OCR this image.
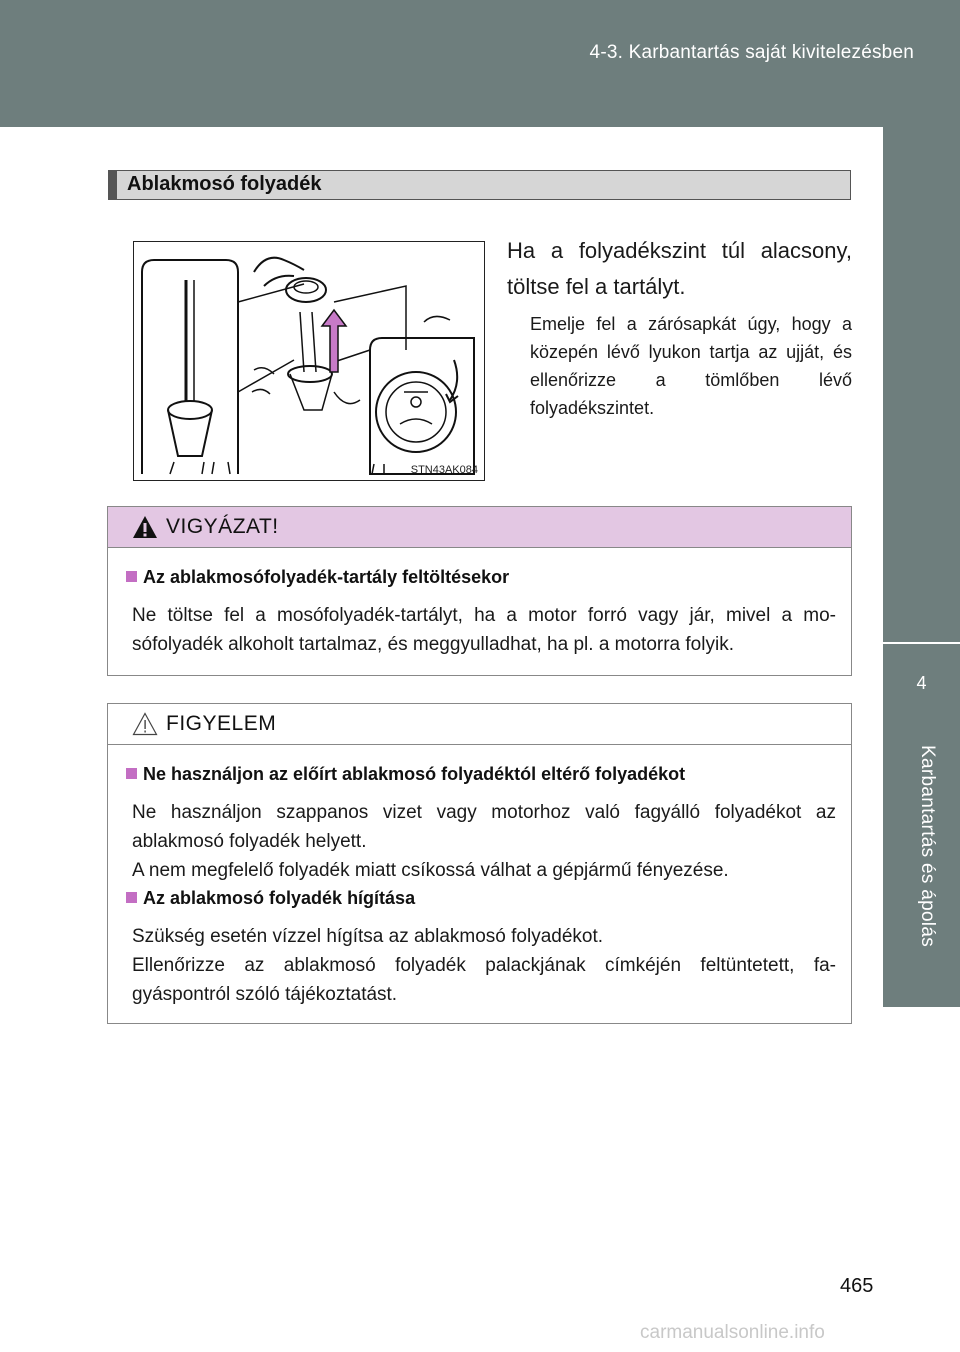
4-3. Karbantartás saját kivitelezésben
4
Karbantartás és ápolás
Ablakmosó folyadék
STN43AK084
Ha a folyadékszint túl alacsony, töltse fel a tartályt.
Emelje fel a zárósapkát úgy, hogy a közepén lévő lyukon tartja az ujját, és ellenőrizze a tömlőben lévő folyadékszintet.
VIGYÁZAT!
Az ablakmosófolyadék-tartály feltöltésekor
Ne töltse fel a mosófolyadék-tartályt, ha a motor forró vagy jár, mivel a mo-
sófolyadék alkoholt tartalmaz, és meggyulladhat, ha pl. a motorra folyik.
FIGYELEM
Ne használjon az előírt ablakmosó folyadéktól eltérő folyadékot
Ne használjon szappanos vizet vagy motorhoz való fagyálló folyadékot az
ablakmosó folyadék helyett.
A nem megfelelő folyadék miatt csíkossá válhat a gépjármű fényezése.
Az ablakmosó folyadék hígítása
Szükség esetén vízzel hígítsa az ablakmosó folyadékot.
Ellenőrizze az ablakmosó folyadék palackjának címkéjén feltüntetett, fa-
gyáspontról szóló tájékoztatást.
465
carmanualsonline.info
